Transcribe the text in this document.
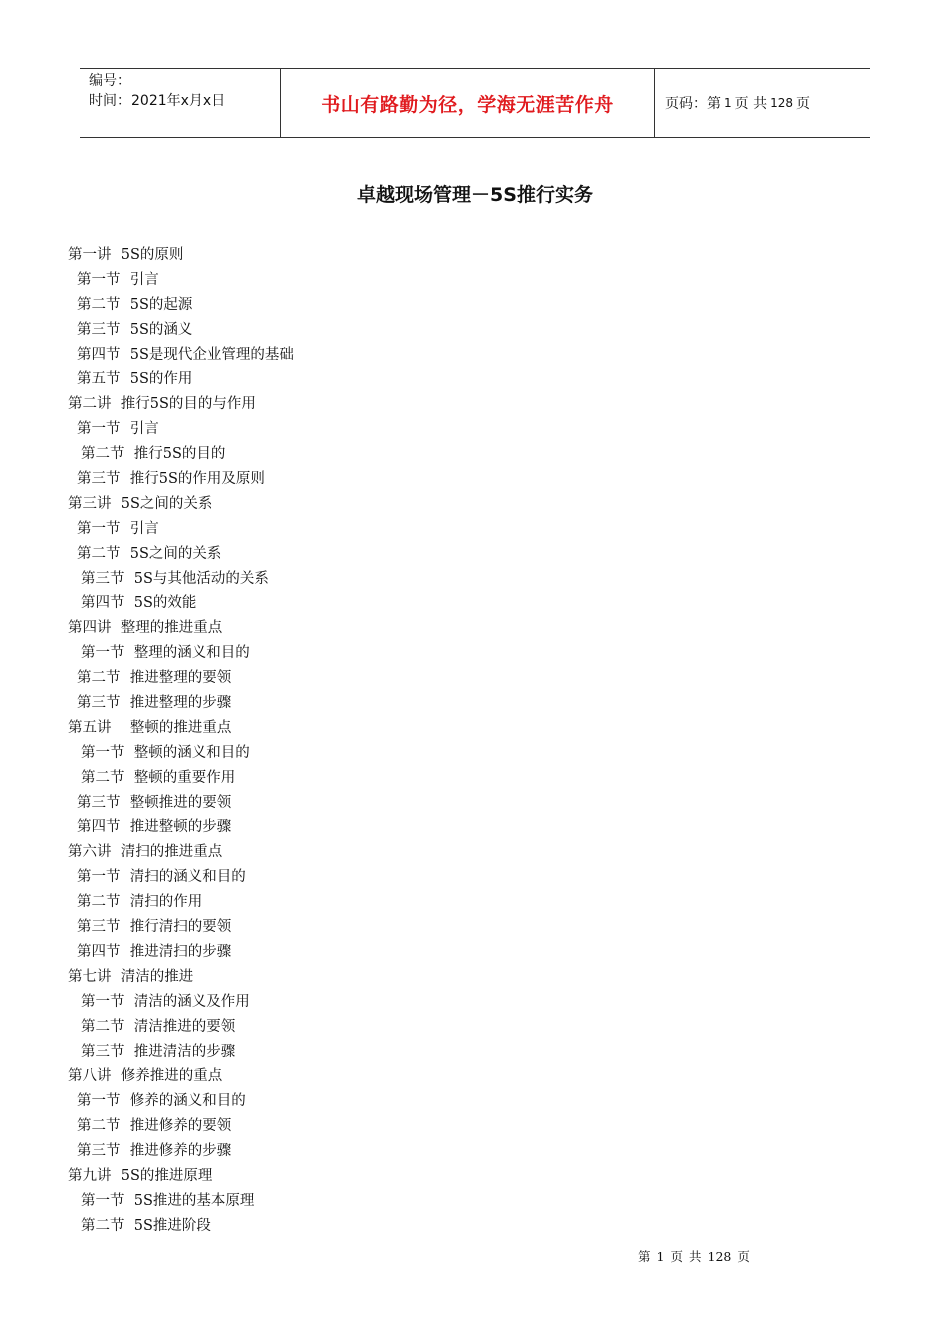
编号：
时间：2021年x月x日	书山有路勤为径，学海无涯苦作舟	页码：第 1 页 共 128 页
卓越现场管理－5S推行实务
第一讲  5S的原则
第一节  引言
第二节  5S的起源
第三节  5S的涵义
第四节  5S是现代企业管理的基础
第五节  5S的作用
第二讲  推行5S的目的与作用
第一节  引言
第二节  推行5S的目的
第三节  推行5S的作用及原则
第三讲  5S之间的关系
第一节  引言
第二节  5S之间的关系
第三节  5S与其他活动的关系
第四节  5S的效能
第四讲  整理的推进重点
第一节  整理的涵义和目的
第二节  推进整理的要领
第三节  推进整理的步骤
第五讲    整顿的推进重点
第一节  整顿的涵义和目的
第二节  整顿的重要作用
第三节  整顿推进的要领
第四节  推进整顿的步骤
第六讲  清扫的推进重点
第一节  清扫的涵义和目的
第二节  清扫的作用
第三节  推行清扫的要领
第四节  推进清扫的步骤
第七讲  清洁的推进
第一节  清洁的涵义及作用
第二节  清洁推进的要领
第三节  推进清洁的步骤
第八讲  修养推进的重点
第一节  修养的涵义和目的
第二节  推进修养的要领
第三节  推进修养的步骤
第九讲  5S的推进原理
第一节  5S推进的基本原理
第二节  5S推进阶段
第 1 页 共 128 页
